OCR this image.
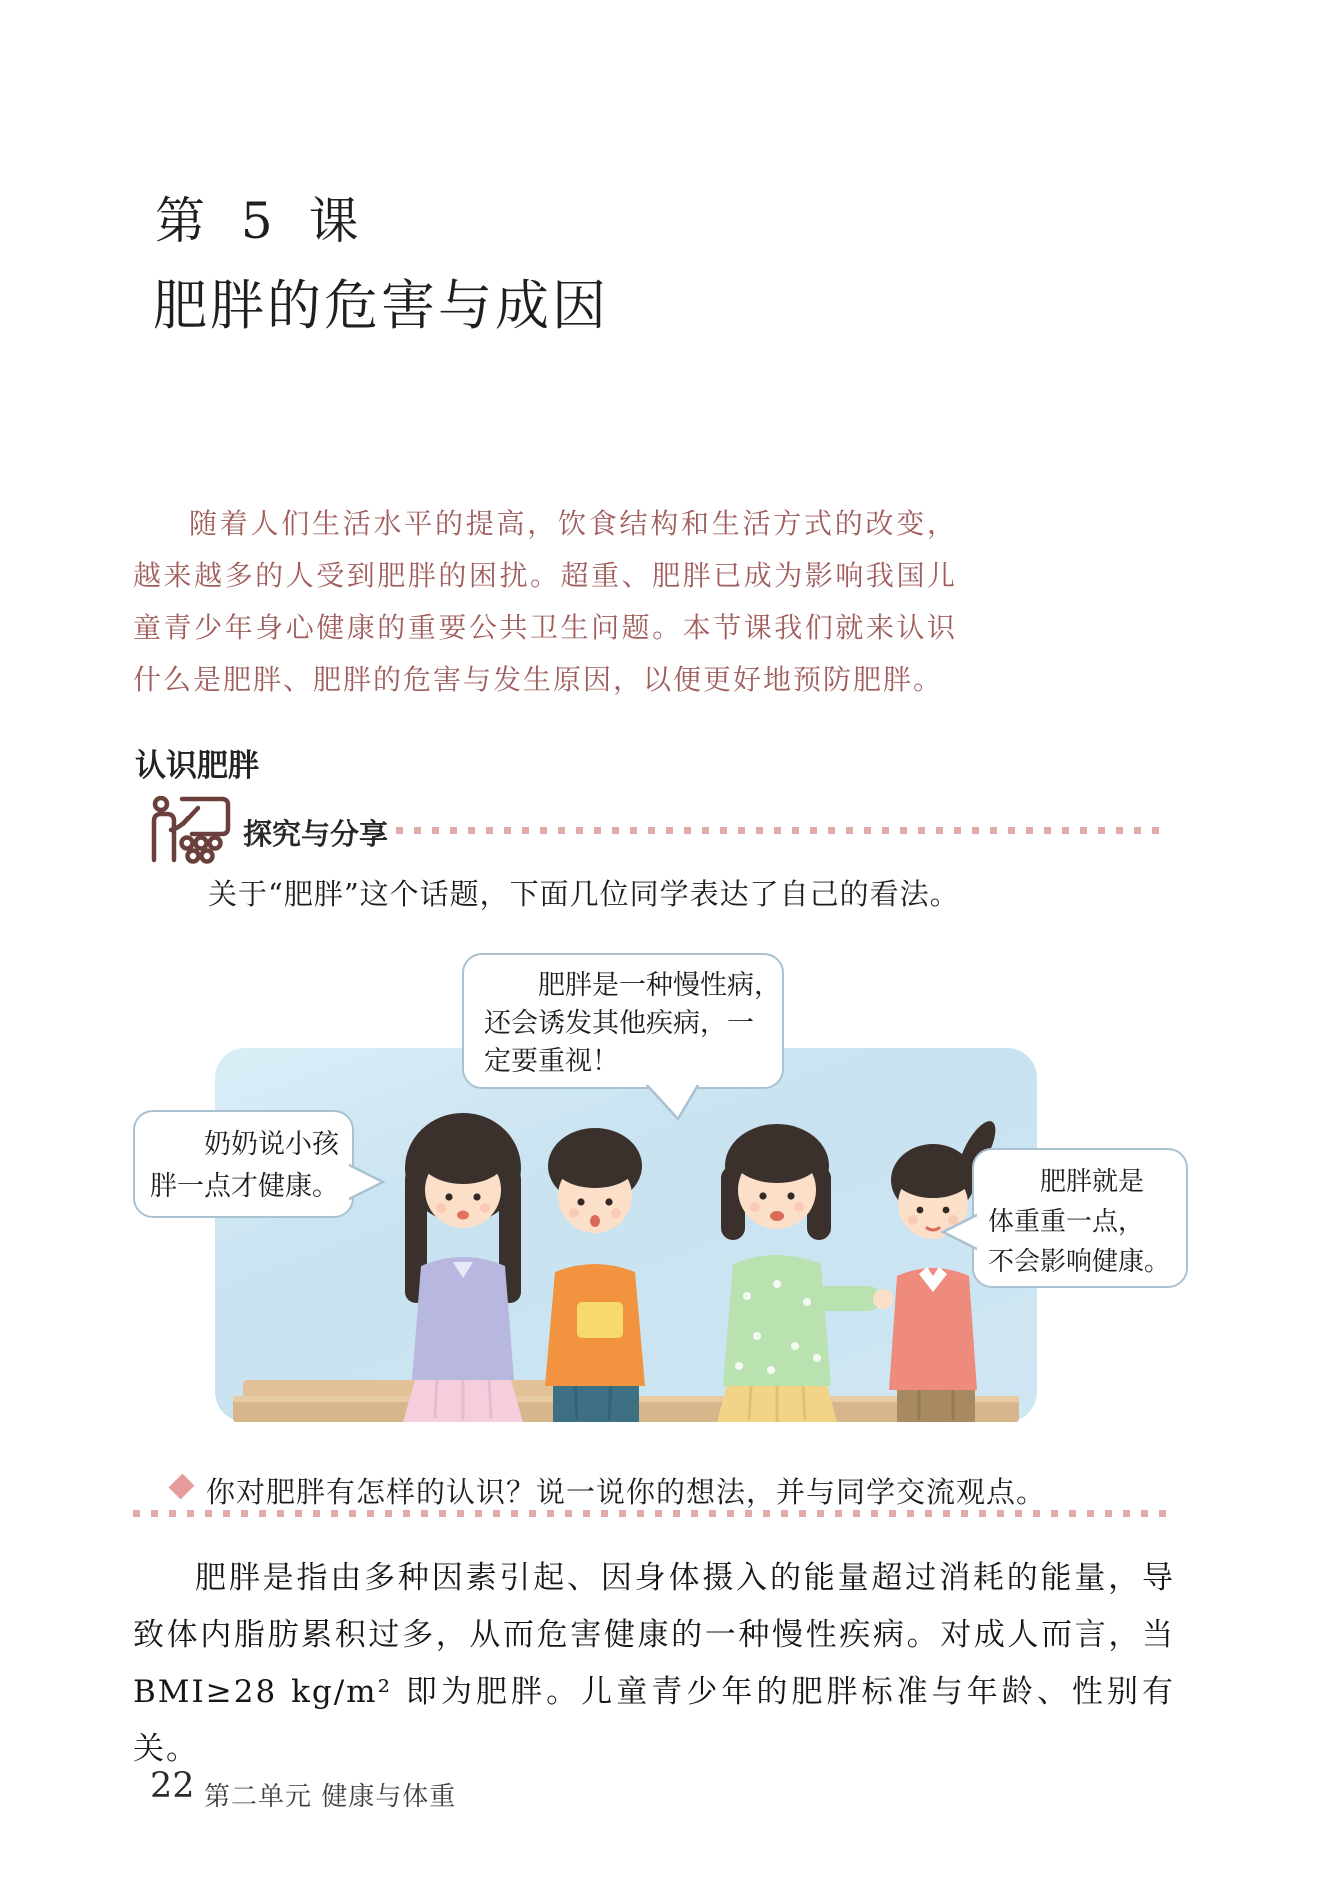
第 5 课
肥胖的危害与成因

随着人们生活水平的提高，饮食结构和生活方式的改变，越来越多的人受到肥胖的困扰。超重、肥胖已成为影响我国儿童青少年身心健康的重要公共卫生问题。本节课我们就来认识什么是肥胖、肥胖的危害与发生原因，以便更好地预防肥胖。

认识肥胖
探究与分享
关于“肥胖”这个话题，下面几位同学表达了自己的看法。
肥胖是一种慢性病，
还会诱发其他疾病，一
定要重视！
奶奶说小孩
胖一点才健康。	肥胖就是
体重重一点，
不会影响健康。
你对肥胖有怎样的认识？说一说你的想法，并与同学交流观点。

肥胖是指由多种因素引起、因身体摄入的能量超过消耗的能量，导致体内脂肪累积过多，从而危害健康的一种慢性疾病。对成人而言，当 BMI≥28 kg/m² 即为肥胖。儿童青少年的肥胖标准与年龄、性别有关。

22 第二单元 健康与体重
